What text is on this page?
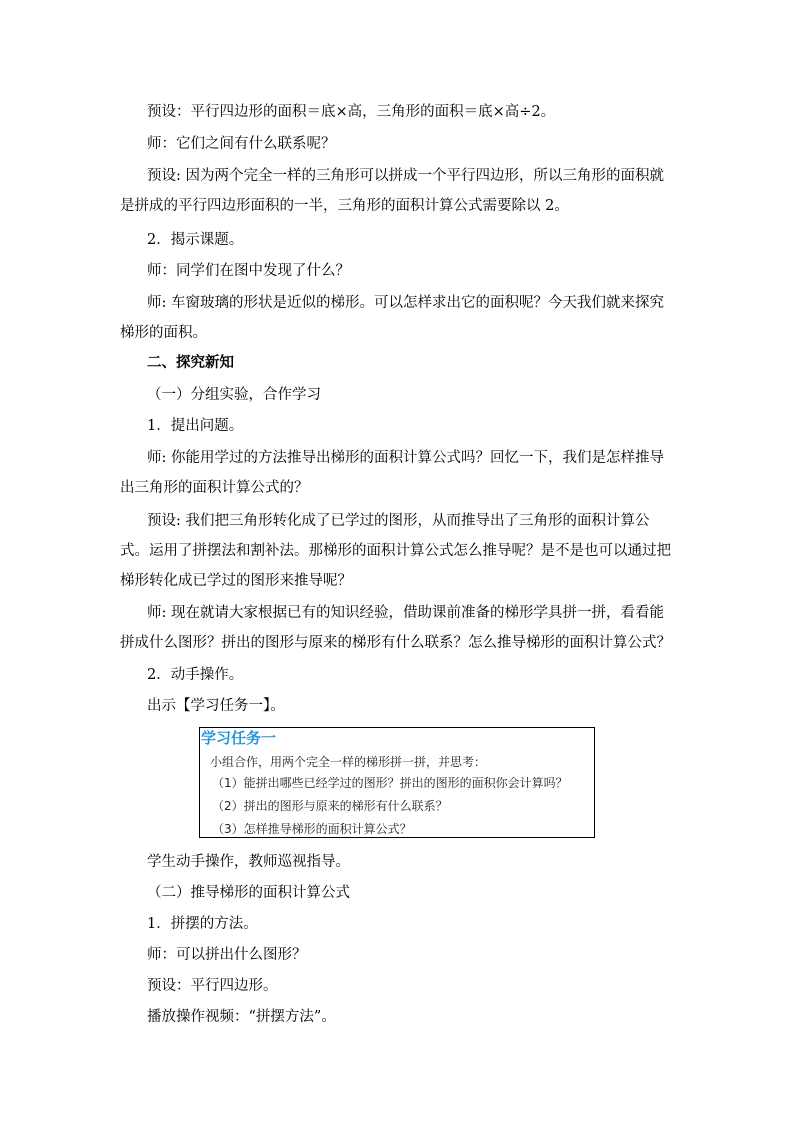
预设：平行四边形的面积＝底×高，三角形的面积＝底×高÷2。

师：它们之间有什么联系呢？

预设: 因为两个完全一样的三角形可以拼成一个平行四边形，所以三角形的面积就是拼成的平行四边形面积的一半，三角形的面积计算公式需要除以 2。

2．揭示课题。

师：同学们在图中发现了什么？

师: 车窗玻璃的形状是近似的梯形。可以怎样求出它的面积呢？今天我们就来探究梯形的面积。

二、探究新知

（一）分组实验，合作学习

1．提出问题。

师: 你能用学过的方法推导出梯形的面积计算公式吗？回忆一下，我们是怎样推导出三角形的面积计算公式的？

预设: 我们把三角形转化成了已学过的图形，从而推导出了三角形的面积计算公式。运用了拼摆法和割补法。那梯形的面积计算公式怎么推导呢？是不是也可以通过把梯形转化成已学过的图形来推导呢？

师: 现在就请大家根据已有的知识经验，借助课前准备的梯形学具拼一拼，看看能拼成什么图形？拼出的图形与原来的梯形有什么联系？怎么推导梯形的面积计算公式？

2．动手操作。

出示【学习任务一】。

学习任务一

小组合作，用两个完全一样的梯形拼一拼，并思考：

（1）能拼出哪些已经学过的图形？拼出的图形的面积你会计算吗？

（2）拼出的图形与原来的梯形有什么联系？

（3）怎样推导梯形的面积计算公式？

学生动手操作，教师巡视指导。

（二）推导梯形的面积计算公式

1．拼摆的方法。

师：可以拼出什么图形？

预设：平行四边形。

播放操作视频：“拼摆方法”。
